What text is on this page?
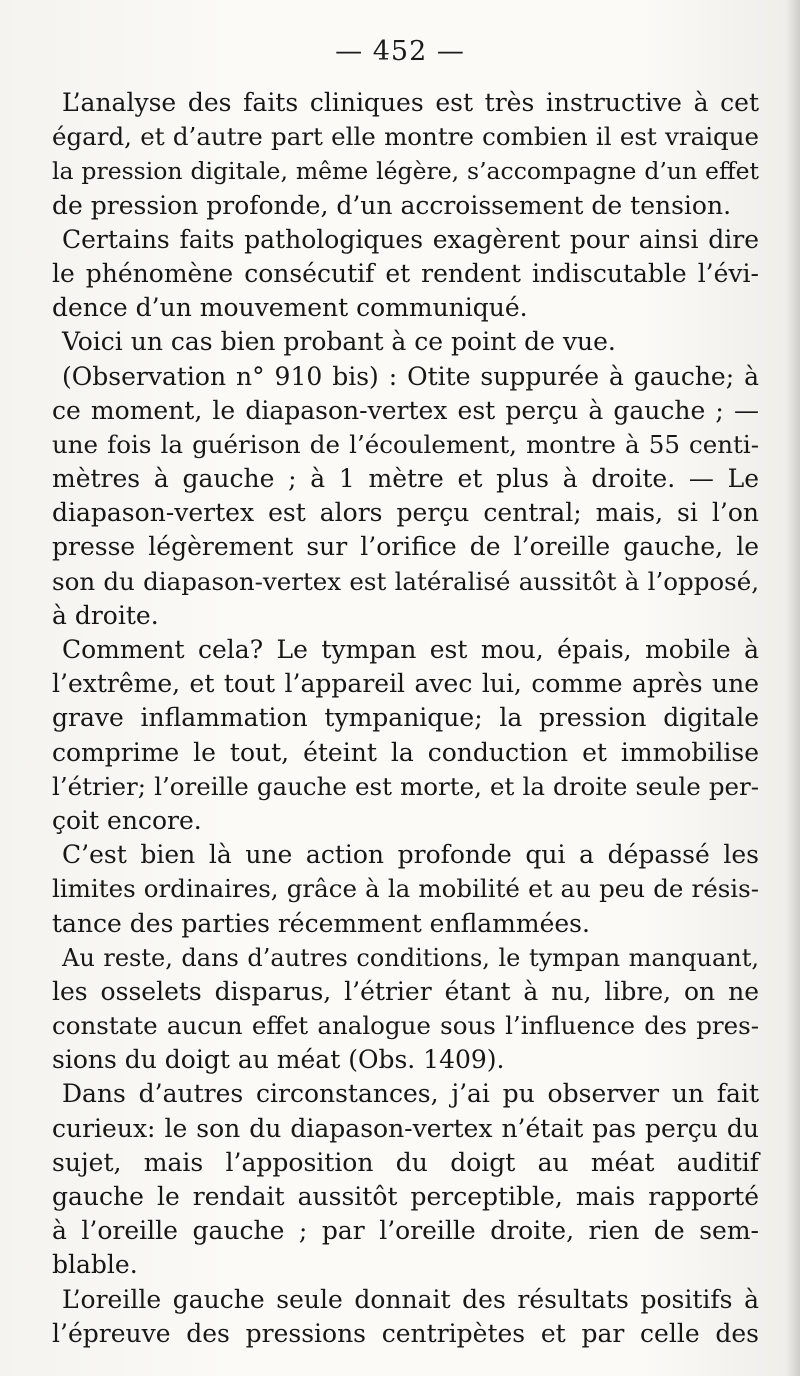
— 452 —
L’analyse des faits cliniques est très instructive à cet
égard, et d’autre part elle montre combien il est vraique
la pression digitale, même légère, s’accompagne d’un effet
de pression profonde, d’un accroissement de tension.
Certains faits pathologiques exagèrent pour ainsi dire
le phénomène consécutif et rendent indiscutable l’évi-
dence d’un mouvement communiqué.
Voici un cas bien probant à ce point de vue.
(Observation n° 910 bis) : Otite suppurée à gauche; à
ce moment, le diapason-vertex est perçu à gauche ; —
une fois la guérison de l’écoulement, montre à 55 centi-
mètres à gauche ; à 1 mètre et plus à droite. — Le
diapason-vertex est alors perçu central; mais, si l’on
presse légèrement sur l’orifice de l’oreille gauche, le
son du diapason-vertex est latéralisé aussitôt à l’opposé,
à droite.
Comment cela? Le tympan est mou, épais, mobile à
l’extrême, et tout l’appareil avec lui, comme après une
grave inflammation tympanique; la pression digitale
comprime le tout, éteint la conduction et immobilise
l’étrier; l’oreille gauche est morte, et la droite seule per-
çoit encore.
C’est bien là une action profonde qui a dépassé les
limites ordinaires, grâce à la mobilité et au peu de résis-
tance des parties récemment enflammées.
Au reste, dans d’autres conditions, le tympan manquant,
les osselets disparus, l’étrier étant à nu, libre, on ne
constate aucun effet analogue sous l’influence des pres-
sions du doigt au méat (Obs. 1409).
Dans d’autres circonstances, j’ai pu observer un fait
curieux: le son du diapason-vertex n’était pas perçu du
sujet, mais l’apposition du doigt au méat auditif
gauche le rendait aussitôt perceptible, mais rapporté
à l’oreille gauche ; par l’oreille droite, rien de sem-
blable.
L’oreille gauche seule donnait des résultats positifs à
l’épreuve des pressions centripètes et par celle des
